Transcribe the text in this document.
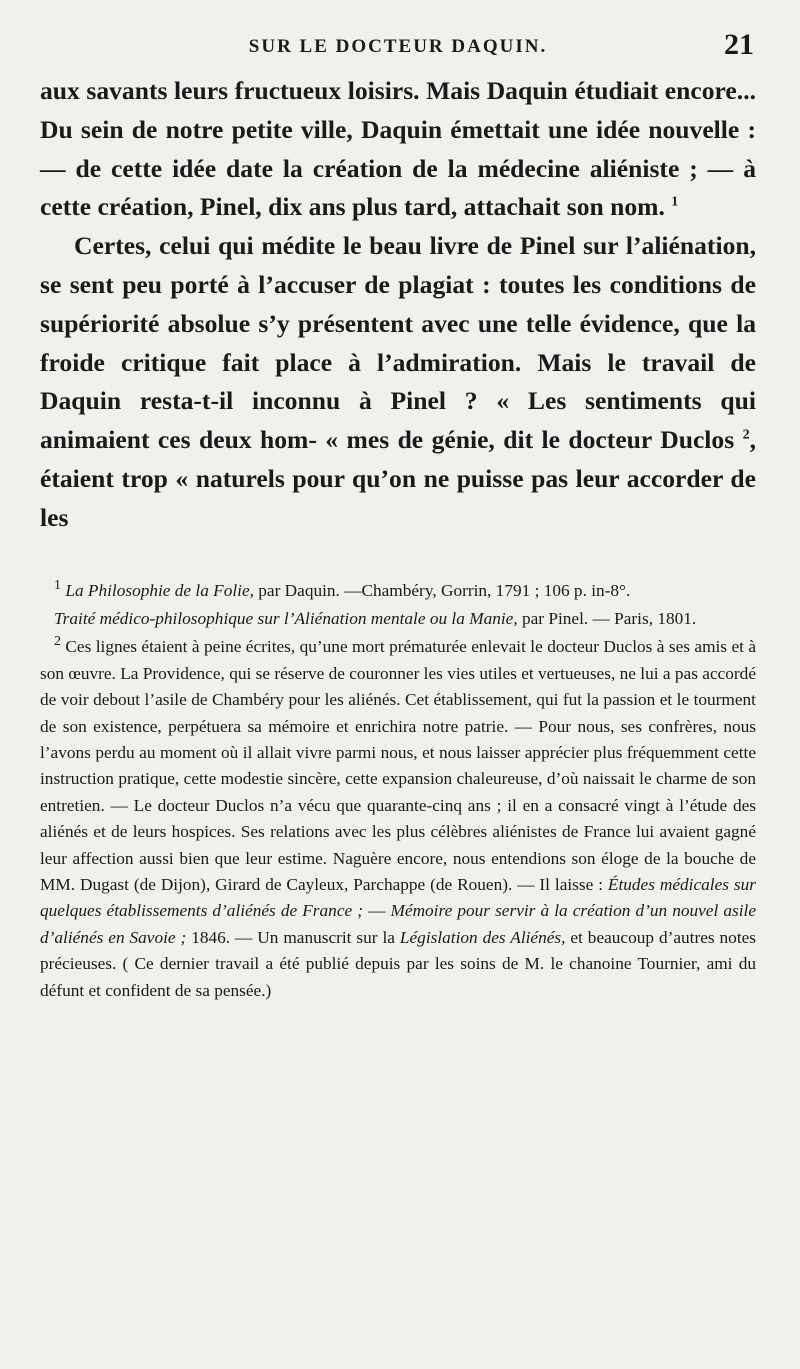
SUR LE DOCTEUR DAQUIN.	21

aux savants leurs fructueux loisirs. Mais Daquin étudiait encore... Du sein de notre petite ville, Daquin émettait une idée nouvelle : — de cette idée date la création de la médecine aliéniste ; — à cette création, Pinel, dix ans plus tard, attachait son nom. $^1$

Certes, celui qui médite le beau livre de Pinel sur l’aliénation, se sent peu porté à l’accuser de plagiat : toutes les conditions de supériorité absolue s’y présentent avec une telle évidence, que la froide critique fait place à l’admiration. Mais le travail de Daquin resta-t-il inconnu à Pinel ? « Les sentiments qui animaient ces deux hom- « mes de génie, dit le docteur Duclos $^2$, étaient trop « naturels pour qu’on ne puisse pas leur accorder de les

$^1$ La Philosophie de la Folie, par Daquin. —Chambéry, Gorrin, 1791 ; 106 p. in-8°.

Traité médico-philosophique sur l’Aliénation mentale ou la Manie, par Pinel. — Paris, 1801.

$^2$ Ces lignes étaient à peine écrites, qu’une mort prématurée enlevait le docteur Duclos à ses amis et à son œuvre. La Providence, qui se réserve de couronner les vies utiles et vertueuses, ne lui a pas accordé de voir debout l’asile de Chambéry pour les aliénés. Cet établissement, qui fut la passion et le tourment de son existence, perpétuera sa mémoire et enrichira notre patrie. — Pour nous, ses confrères, nous l’avons perdu au moment où il allait vivre parmi nous, et nous laisser apprécier plus fréquemment cette instruction pratique, cette modestie sincère, cette expansion chaleureuse, d’où naissait le charme de son entretien. — Le docteur Duclos n’a vécu que quarante-cinq ans ; il en a consacré vingt à l’étude des aliénés et de leurs hospices. Ses relations avec les plus célèbres aliénistes de France lui avaient gagné leur affection aussi bien que leur estime. Naguère encore, nous entendions son éloge de la bouche de MM. Dugast (de Dijon), Girard de Cayleux, Parchappe (de Rouen). — Il laisse : Études médicales sur quelques établissements d’aliénés de France ; — Mémoire pour servir à la création d’un nouvel asile d’aliénés en Savoie ; 1846. — Un manuscrit sur la Législation des Aliénés, et beaucoup d’autres notes précieuses. ( Ce dernier travail a été publié depuis par les soins de M. le chanoine Tournier, ami du défunt et confident de sa pensée.)
